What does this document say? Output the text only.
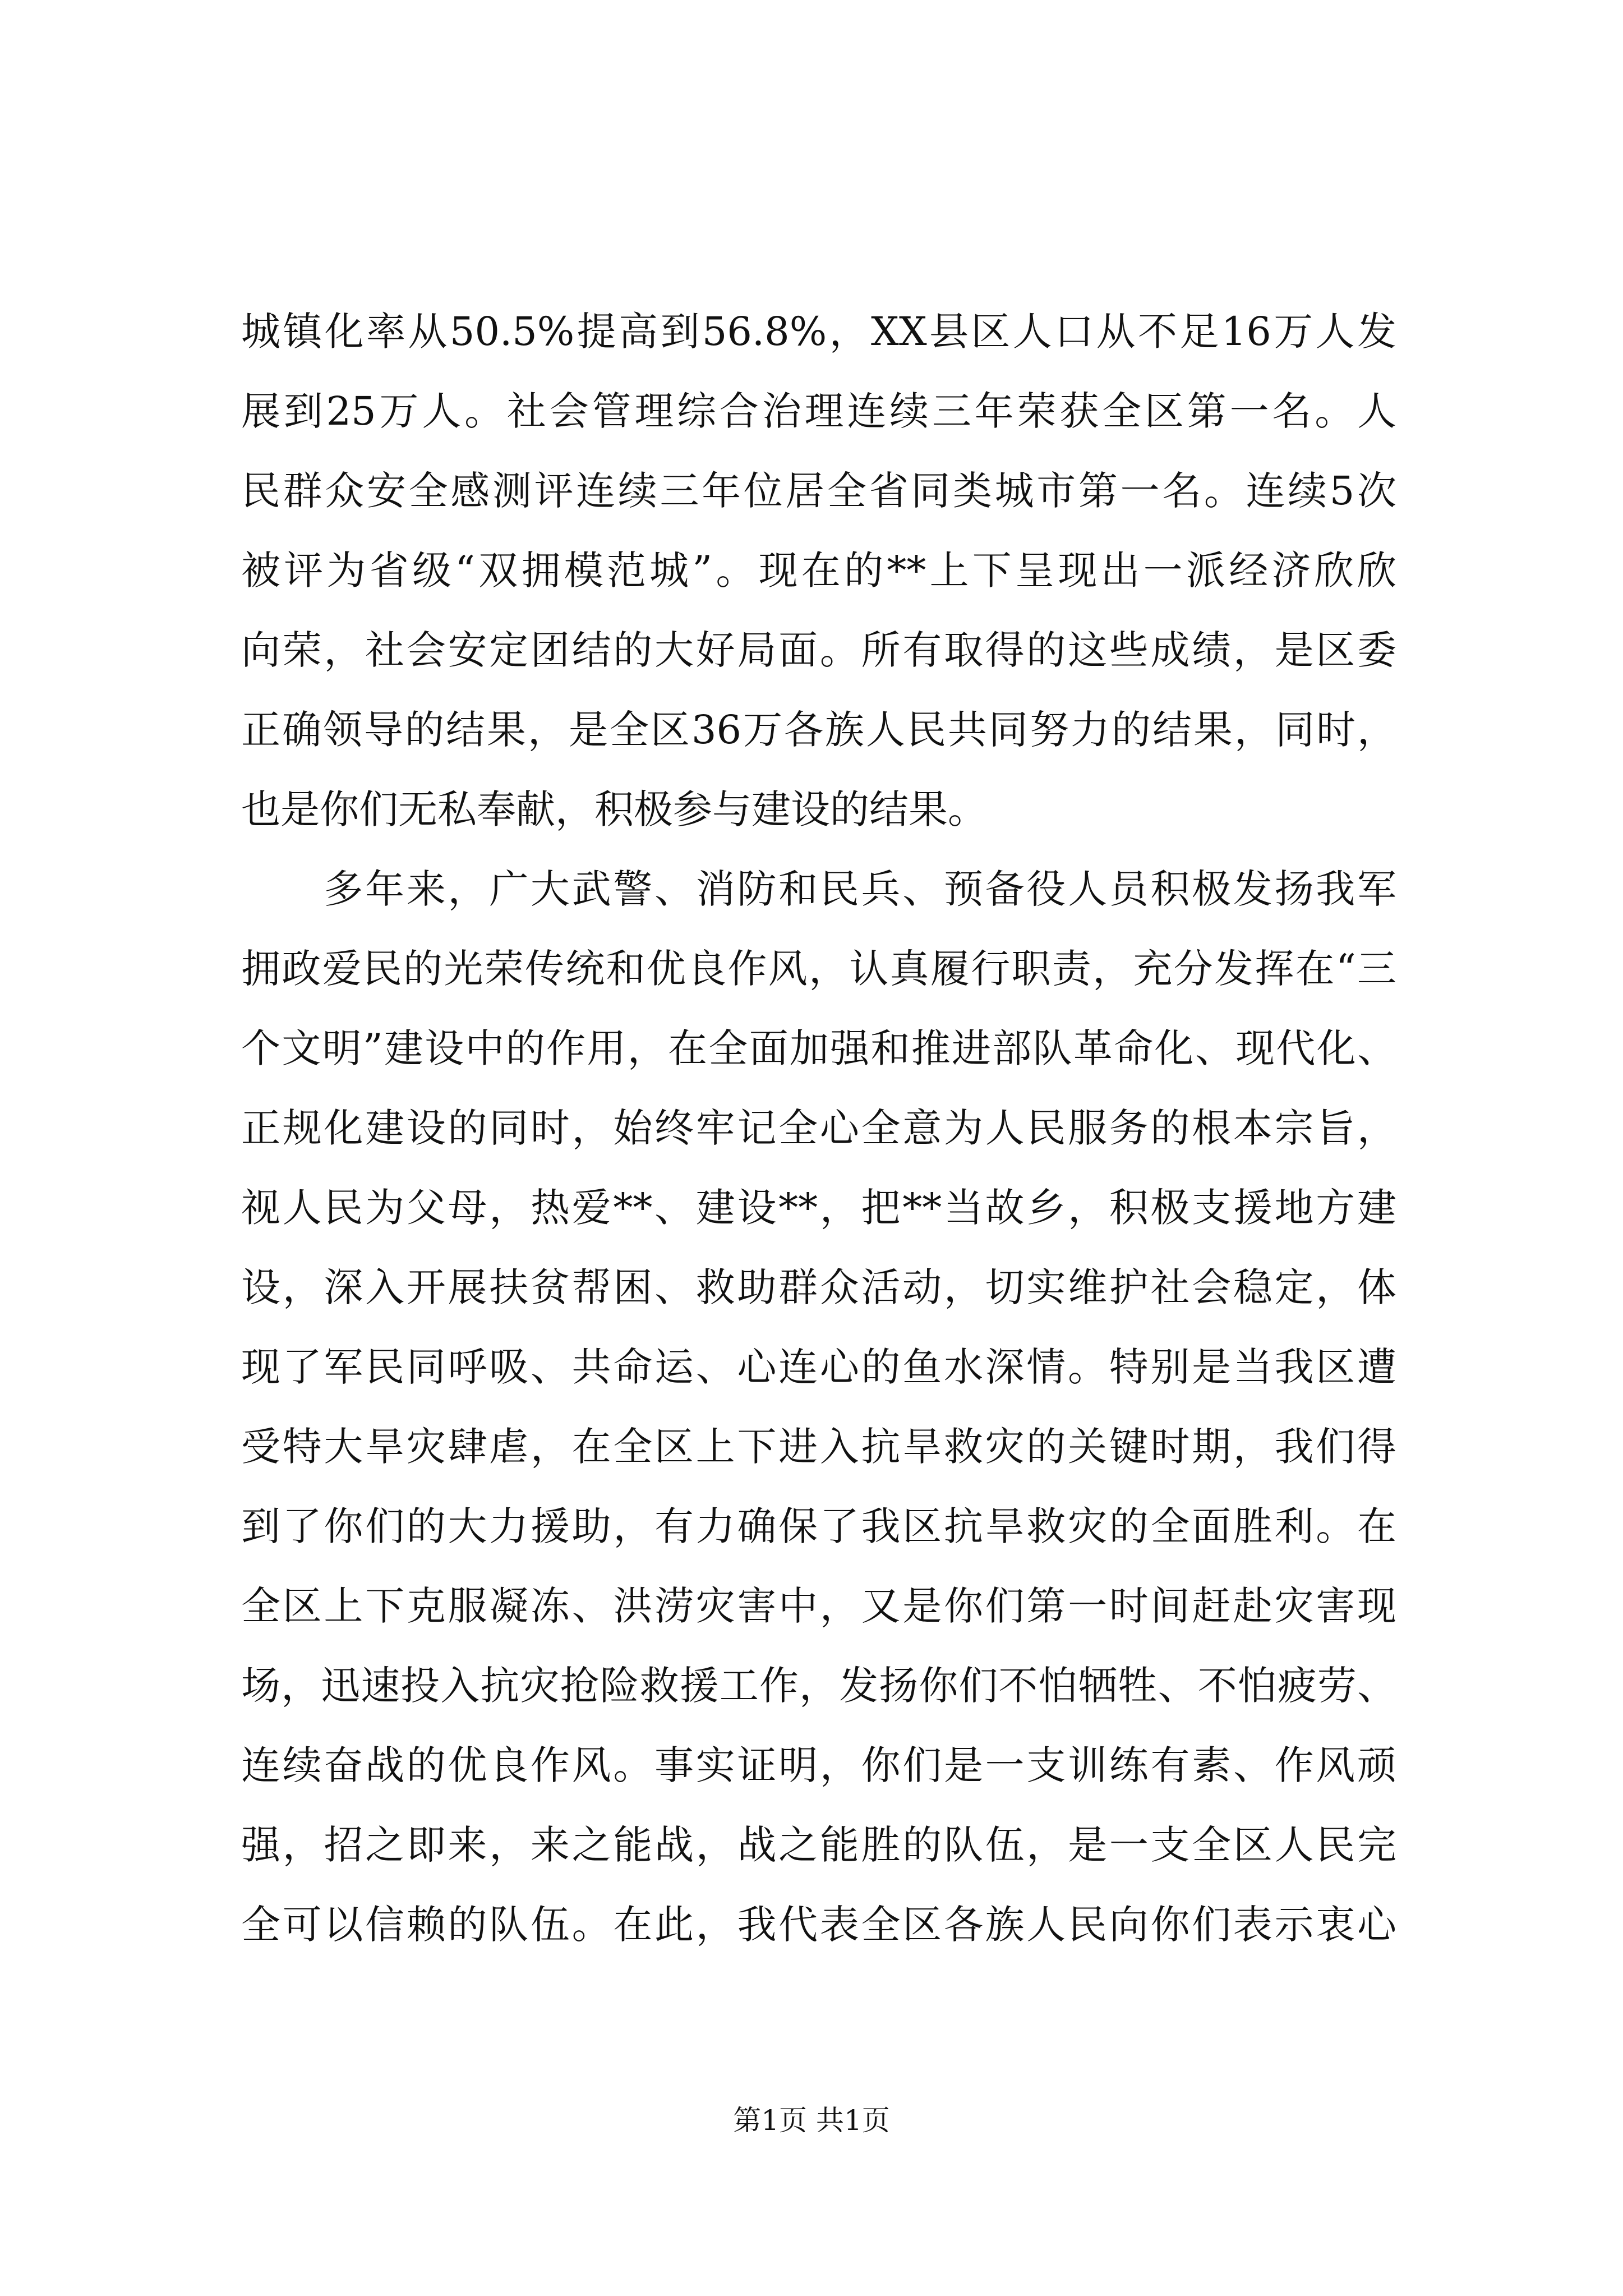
城镇化率从50.5%提高到56.8%，XX县区人口从不足16万人发
展到25万人。社会管理综合治理连续三年荣获全区第一名。人
民群众安全感测评连续三年位居全省同类城市第一名。连续5次
被评为省级“双拥模范城”。现在的**上下呈现出一派经济欣欣
向荣，社会安定团结的大好局面。所有取得的这些成绩，是区委
正确领导的结果，是全区36万各族人民共同努力的结果，同时，
也是你们无私奉献，积极参与建设的结果。
　　多年来，广大武警、消防和民兵、预备役人员积极发扬我军
拥政爱民的光荣传统和优良作风，认真履行职责，充分发挥在“三
个文明”建设中的作用，在全面加强和推进部队革命化、现代化、
正规化建设的同时，始终牢记全心全意为人民服务的根本宗旨，
视人民为父母，热爱**、建设**，把**当故乡，积极支援地方建
设，深入开展扶贫帮困、救助群众活动，切实维护社会稳定，体
现了军民同呼吸、共命运、心连心的鱼水深情。特别是当我区遭
受特大旱灾肆虐，在全区上下进入抗旱救灾的关键时期，我们得
到了你们的大力援助，有力确保了我区抗旱救灾的全面胜利。在
全区上下克服凝冻、洪涝灾害中，又是你们第一时间赶赴灾害现
场，迅速投入抗灾抢险救援工作，发扬你们不怕牺牲、不怕疲劳、
连续奋战的优良作风。事实证明，你们是一支训练有素、作风顽
强，招之即来，来之能战，战之能胜的队伍，是一支全区人民完
全可以信赖的队伍。在此，我代表全区各族人民向你们表示衷心
第1页 共1页
